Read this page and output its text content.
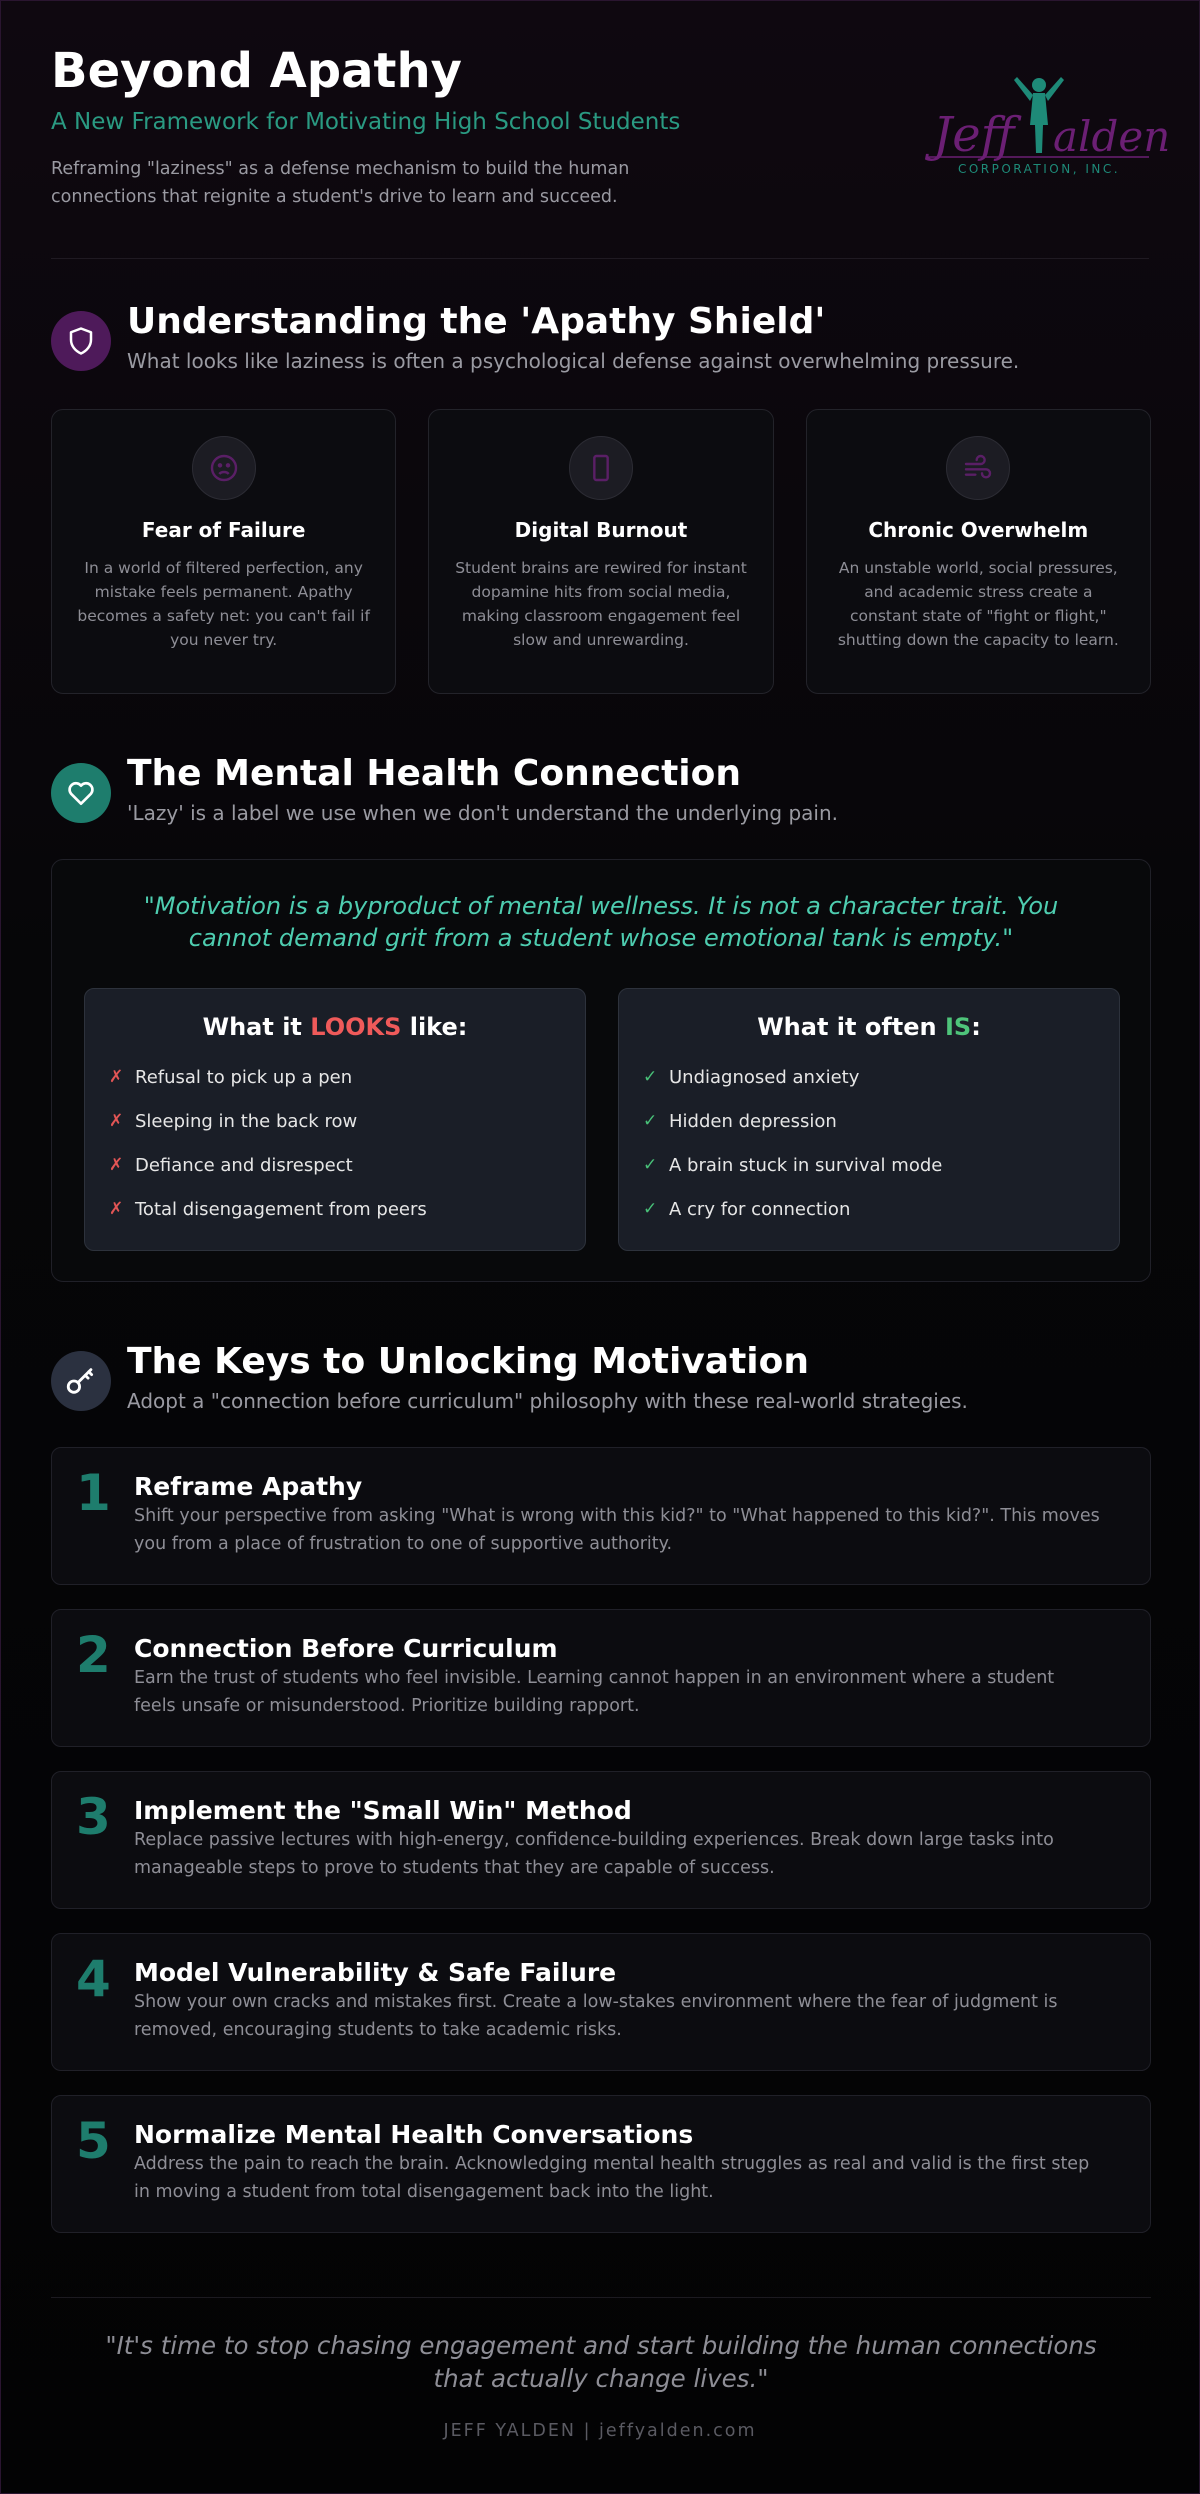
Beyond Apathy
A New Framework for Motivating High School Students

Reframing "laziness" as a defense mechanism to build the human connections that reignite a student's drive to learn and succeed.

Jeff alden
CORPORATION, INC.
Understanding the 'Apathy Shield'

What looks like laziness is often a psychological defense against overwhelming pressure.

Fear of Failure

In a world of filtered perfection, any mistake feels permanent. Apathy becomes a safety net: you can't fail if you never try.

Digital Burnout

Student brains are rewired for instant dopamine hits from social media, making classroom engagement feel slow and unrewarding.

Chronic Overwhelm

An unstable world, social pressures, and academic stress create a constant state of "fight or flight," shutting down the capacity to learn.

The Mental Health Connection

'Lazy' is a label we use when we don't understand the underlying pain.

"Motivation is a byproduct of mental wellness. It is not a character trait. You cannot demand grit from a student whose emotional tank is empty."

What it LOOKS like:
✗ Refusal to pick up a pen
✗ Sleeping in the back row
✗ Defiance and disrespect
✗ Total disengagement from peers
What it often IS:
✓ Undiagnosed anxiety
✓ Hidden depression
✓ A brain stuck in survival mode
✓ A cry for connection
The Keys to Unlocking Motivation

Adopt a "connection before curriculum" philosophy with these real-world strategies.

1 Reframe Apathy

Shift your perspective from asking "What is wrong with this kid?" to "What happened to this kid?". This moves you from a place of frustration to one of supportive authority.

2 Connection Before Curriculum

Earn the trust of students who feel invisible. Learning cannot happen in an environment where a student feels unsafe or misunderstood. Prioritize building rapport.

3 Implement the "Small Win" Method

Replace passive lectures with high-energy, confidence-building experiences. Break down large tasks into manageable steps to prove to students that they are capable of success.

4 Model Vulnerability & Safe Failure

Show your own cracks and mistakes first. Create a low-stakes environment where the fear of judgment is removed, encouraging students to take academic risks.

5 Normalize Mental Health Conversations

Address the pain to reach the brain. Acknowledging mental health struggles as real and valid is the first step in moving a student from total disengagement back into the light.

"It's time to stop chasing engagement and start building the human connections that actually change lives."

JEFF YALDEN | jeffyalden.com
